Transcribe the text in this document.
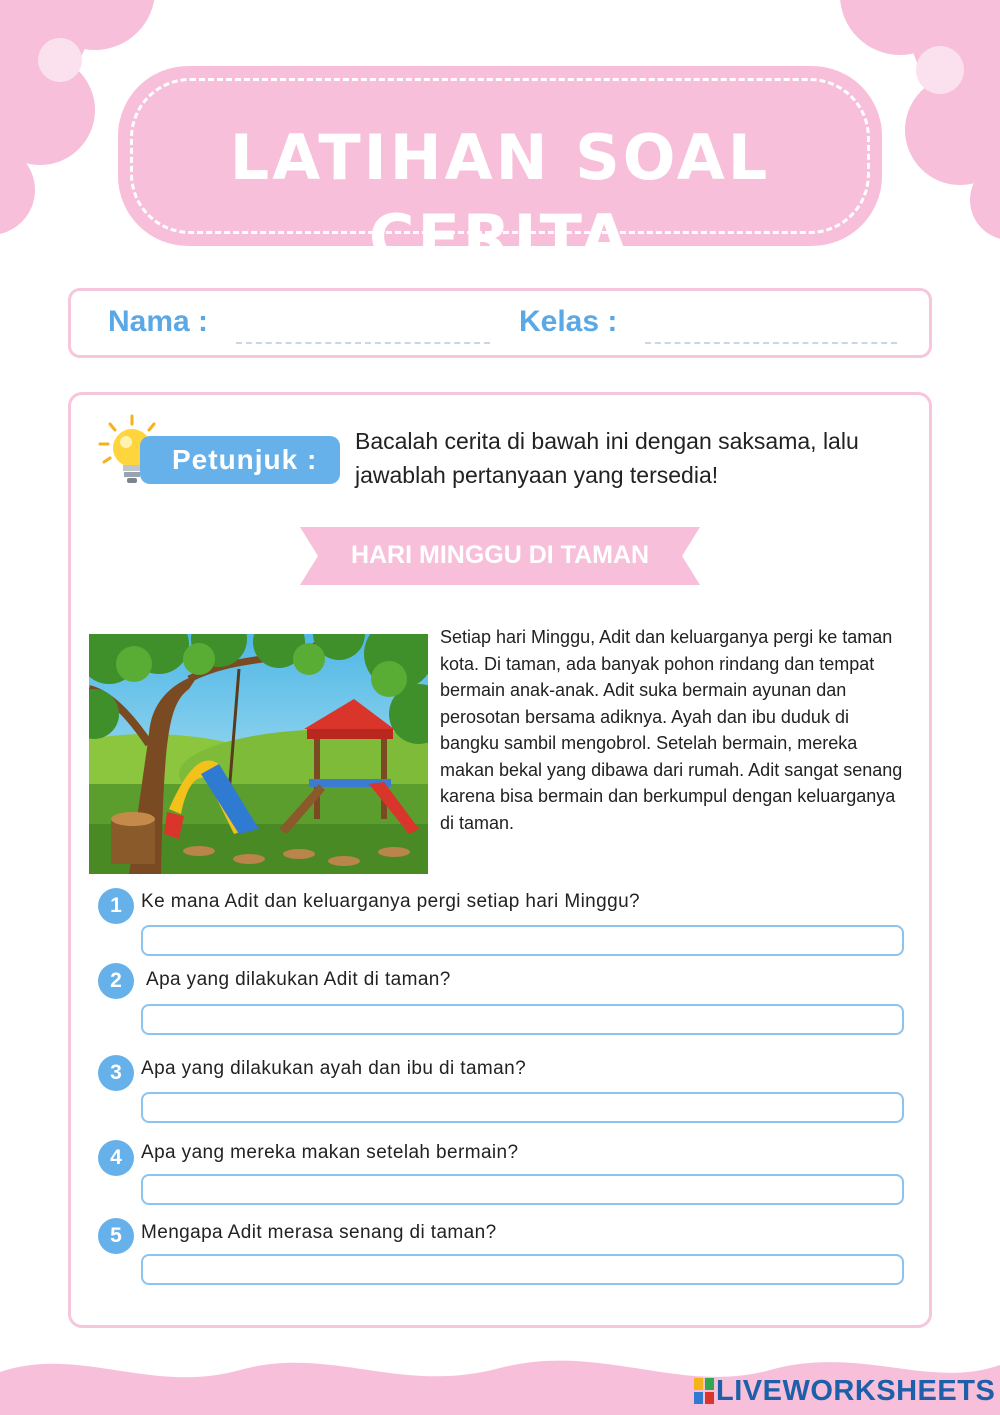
LATIHAN SOAL CERITA
Nama :	Kelas :
Petunjuk :
Bacalah cerita di bawah ini dengan saksama, lalu jawablah pertanyaan yang tersedia!
HARI MINGGU DI TAMAN
Setiap hari Minggu, Adit dan keluarganya pergi ke taman kota. Di taman, ada banyak pohon rindang dan tempat bermain anak-anak. Adit suka bermain ayunan dan perosotan bersama adiknya. Ayah dan ibu duduk di bangku sambil mengobrol. Setelah bermain, mereka makan bekal yang dibawa dari rumah. Adit sangat senang karena bisa bermain dan berkumpul dengan keluarganya di taman.
1	Ke mana Adit dan keluarganya pergi setiap hari Minggu?
2	Apa yang dilakukan Adit di taman?
3	Apa yang dilakukan ayah dan ibu di taman?
4	Apa yang mereka makan setelah bermain?
5	Mengapa Adit merasa senang di taman?
LIVEWORKSHEETS
